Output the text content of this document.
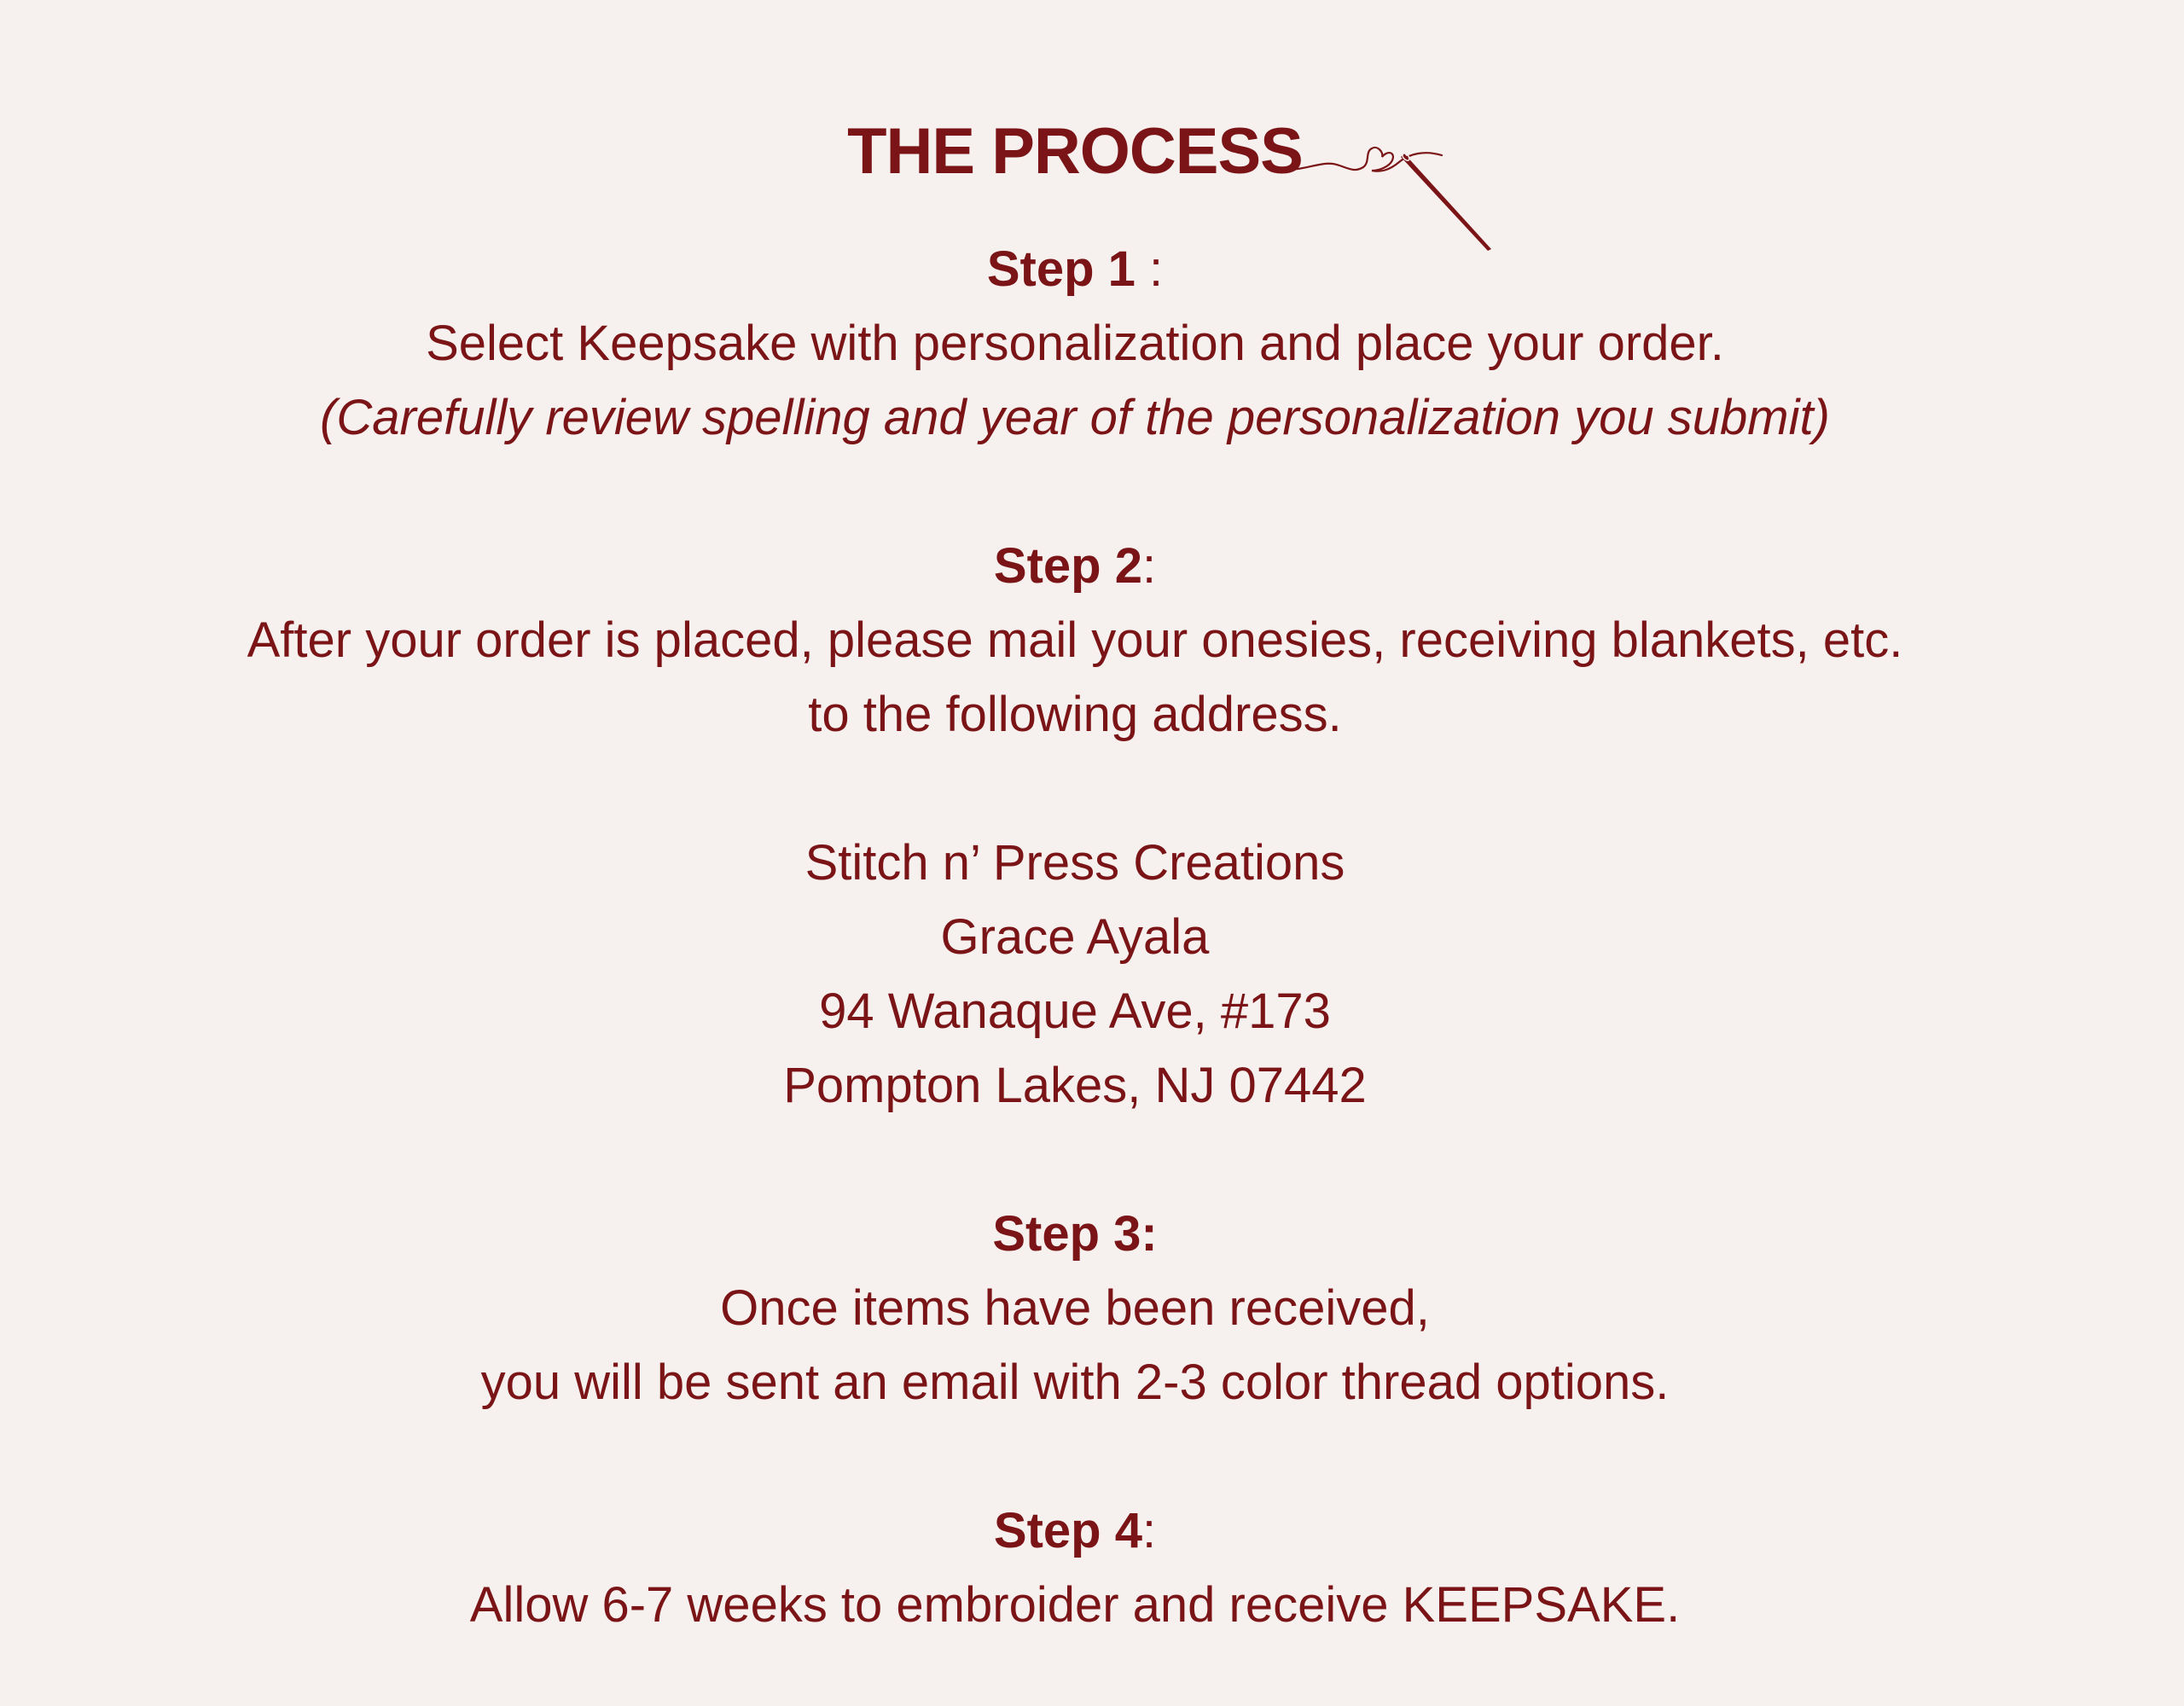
THE PROCESS
Step 1 :
Select Keepsake with personalization and place your order.
(Carefully review spelling and year of the personalization you submit)
Step 2:
After your order is placed, please mail your onesies, receiving blankets, etc.
to the following address.
Stitch n’ Press Creations
Grace Ayala
94 Wanaque Ave, #173
Pompton Lakes, NJ 07442
Step 3:
Once items have been received,
you will be sent an email with 2-3 color thread options.
Step 4:
Allow 6-7 weeks to embroider and receive KEEPSAKE.
